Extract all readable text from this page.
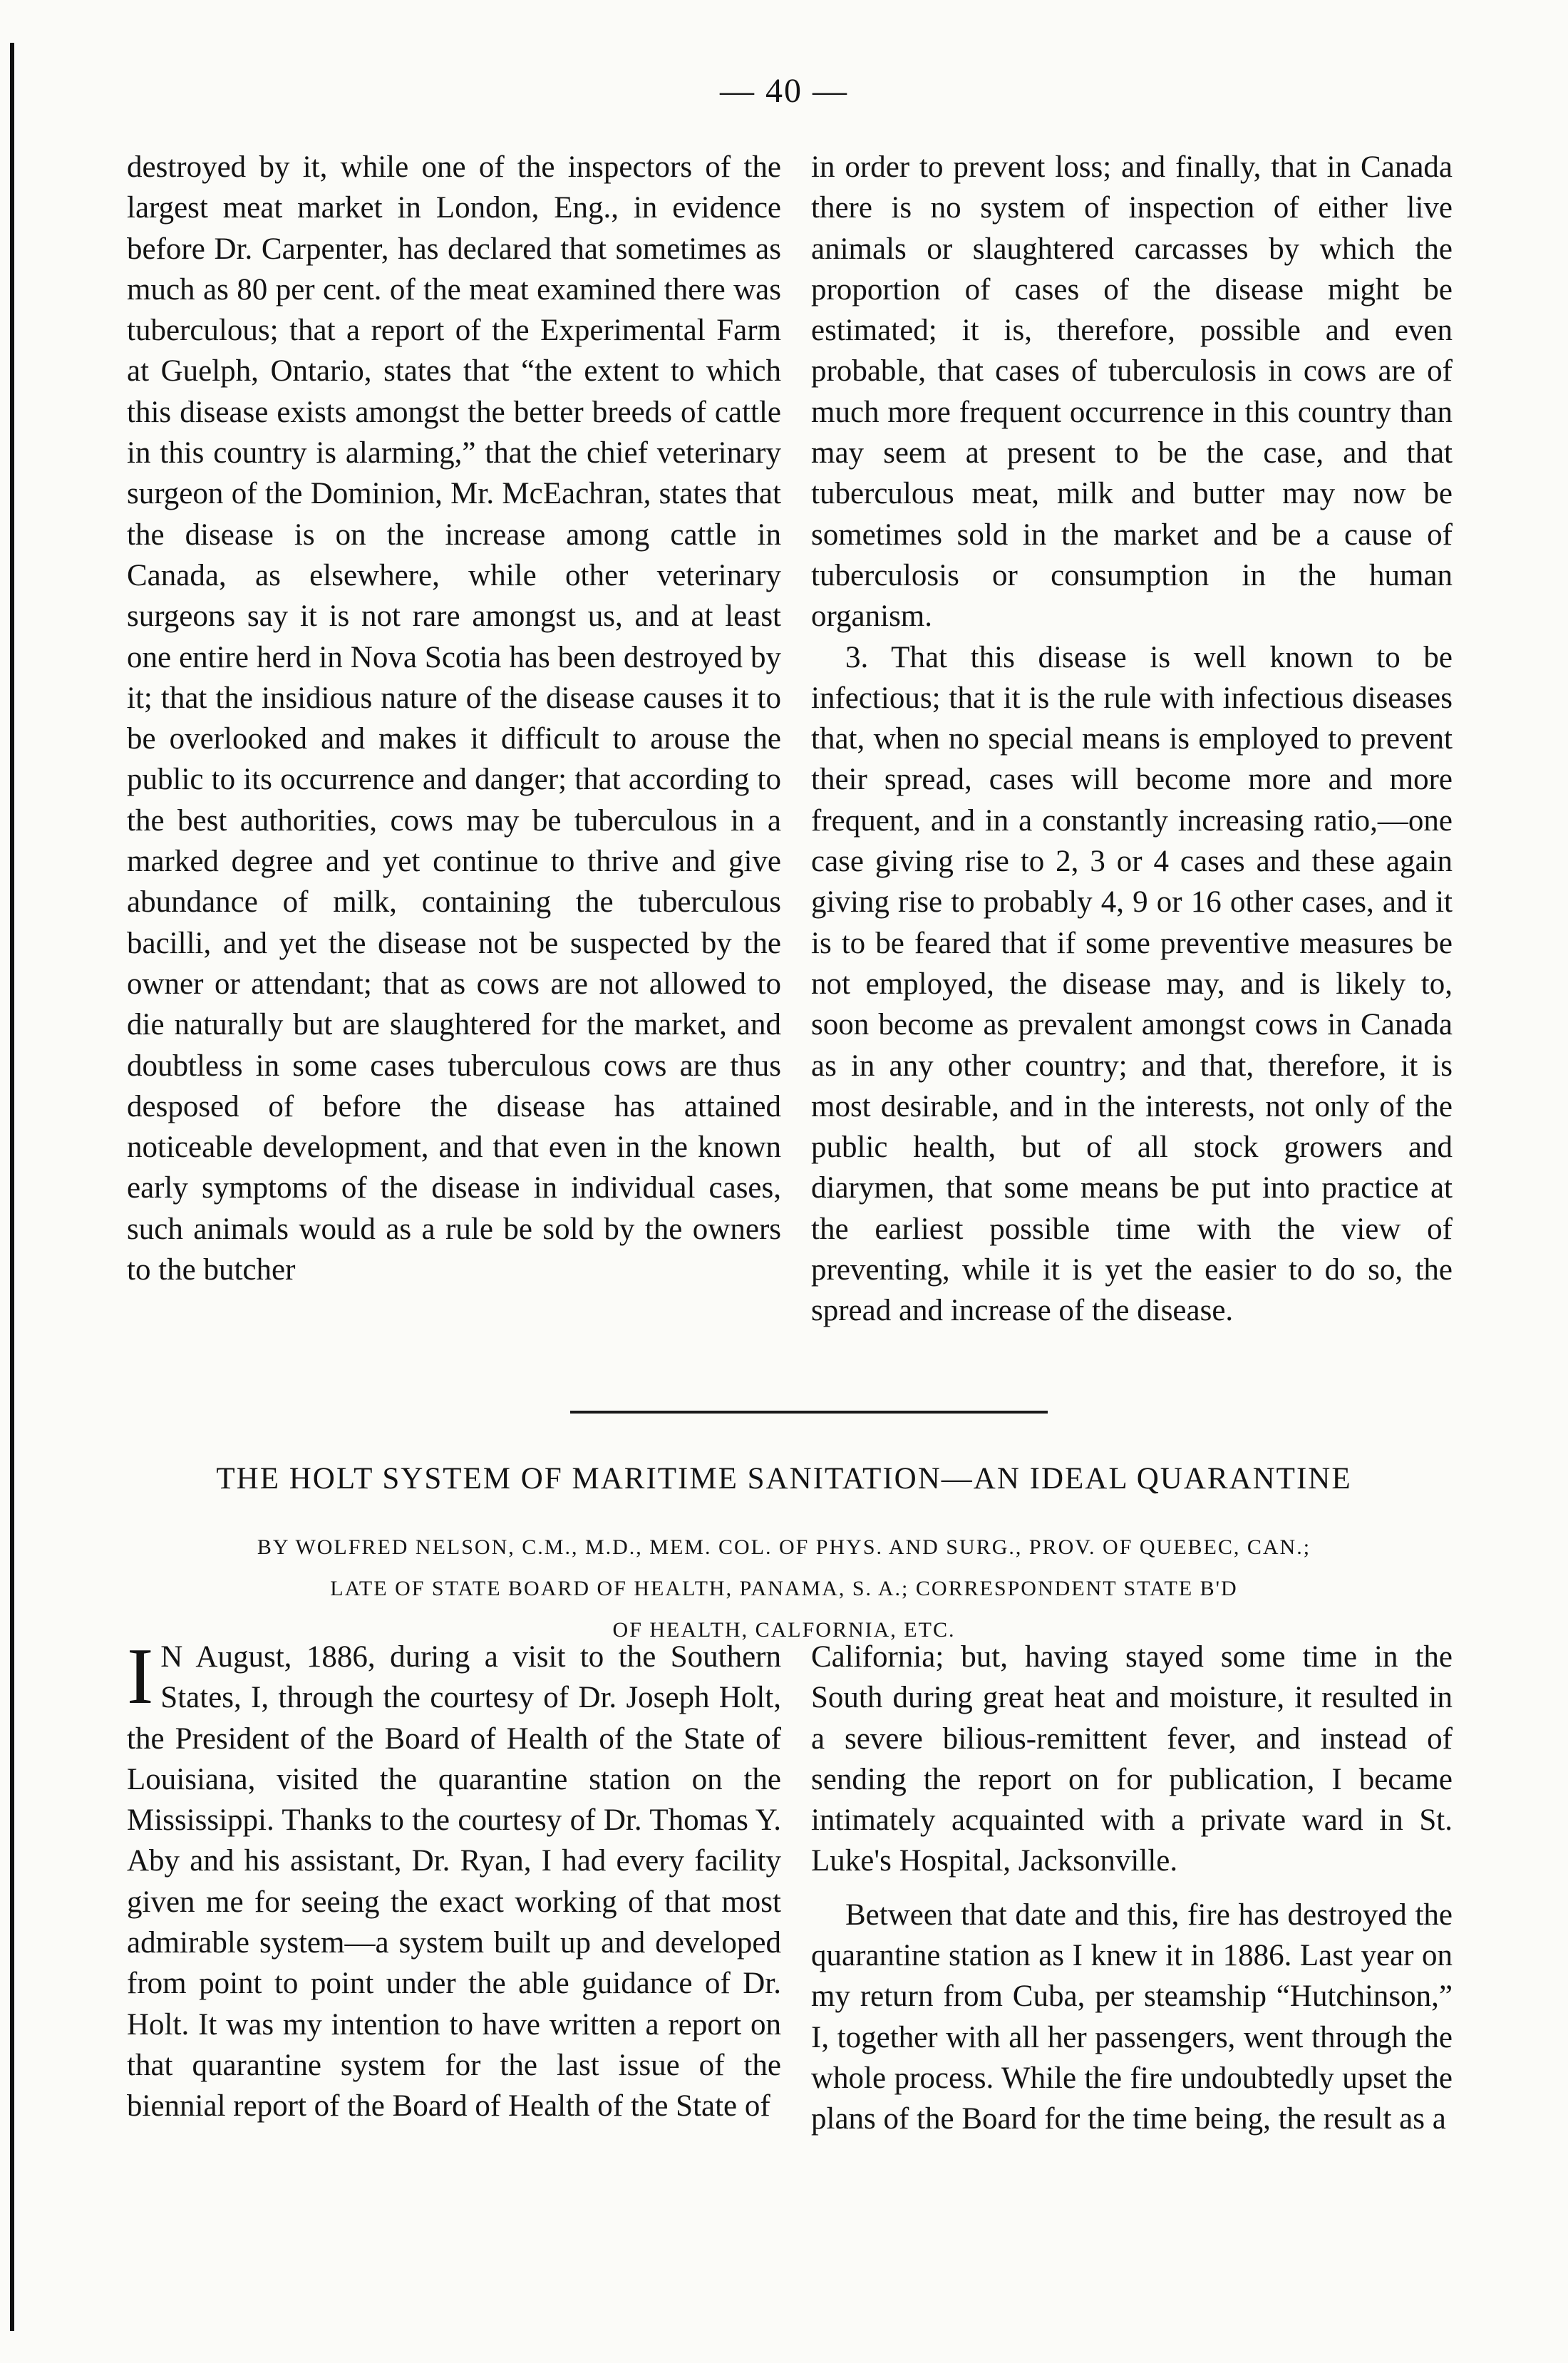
— 40 —

destroyed by it, while one of the inspectors of the largest meat market in London, Eng., in evidence before Dr. Carpenter, has declared that sometimes as much as 80 per cent. of the meat examined there was tuberculous; that a report of the Experimental Farm at Guelph, Ontario, states that “the extent to which this disease exists amongst the better breeds of cattle in this country is alarming,” that the chief veterinary surgeon of the Dominion, Mr. McEachran, states that the disease is on the increase among cattle in Canada, as elsewhere, while other veterinary surgeons say it is not rare amongst us, and at least one entire herd in Nova Scotia has been destroyed by it; that the insidious nature of the disease causes it to be overlooked and makes it difficult to arouse the public to its occurrence and danger; that according to the best authorities, cows may be tuberculous in a marked degree and yet continue to thrive and give abundance of milk, containing the tuberculous bacilli, and yet the disease not be suspected by the owner or attendant; that as cows are not allowed to die naturally but are slaughtered for the market, and doubtless in some cases tuberculous cows are thus desposed of before the disease has attained noticeable development, and that even in the known early symptoms of the disease in individual cases, such animals would as a rule be sold by the owners to the butcher

in order to prevent loss; and finally, that in Canada there is no system of inspection of either live animals or slaughtered carcasses by which the proportion of cases of the disease might be estimated; it is, therefore, possible and even probable, that cases of tuberculosis in cows are of much more frequent occurrence in this country than may seem at present to be the case, and that tuberculous meat, milk and butter may now be sometimes sold in the market and be a cause of tuberculosis or consumption in the human organism.

3. That this disease is well known to be infectious; that it is the rule with infectious diseases that, when no special means is employed to prevent their spread, cases will become more and more frequent, and in a constantly increasing ratio,—one case giving rise to 2, 3 or 4 cases and these again giving rise to probably 4, 9 or 16 other cases, and it is to be feared that if some preventive measures be not employed, the disease may, and is likely to, soon become as prevalent amongst cows in Canada as in any other country; and that, therefore, it is most desirable, and in the interests, not only of the public health, but of all stock growers and diarymen, that some means be put into practice at the earliest possible time with the view of preventing, while it is yet the easier to do so, the spread and increase of the disease.

THE HOLT SYSTEM OF MARITIME SANITATION—AN IDEAL QUARANTINE
BY WOLFRED NELSON, C.M., M.D., MEM. COL. OF PHYS. AND SURG., PROV. OF QUEBEC, CAN.;
LATE OF STATE BOARD OF HEALTH, PANAMA, S. A.; CORRESPONDENT STATE B'D
OF HEALTH, CALFORNIA, ETC.

I N August, 1886, during a visit to the Southern States, I, through the courtesy of Dr. Joseph Holt, the President of the Board of Health of the State of Louisiana, visited the quarantine station on the Mississippi. Thanks to the courtesy of Dr. Thomas Y. Aby and his assistant, Dr. Ryan, I had every facility given me for seeing the exact working of that most admirable system—a system built up and developed from point to point under the able guidance of Dr. Holt. It was my intention to have written a report on that quarantine system for the last issue of the biennial report of the Board of Health of the State of

California; but, having stayed some time in the South during great heat and moisture, it resulted in a severe bilious-remittent fever, and instead of sending the report on for publication, I became intimately acquainted with a private ward in St. Luke's Hospital, Jacksonville.

Between that date and this, fire has destroyed the quarantine station as I knew it in 1886. Last year on my return from Cuba, per steamship “Hutchinson,” I, together with all her passengers, went through the whole process. While the fire undoubtedly upset the plans of the Board for the time being, the result as a
